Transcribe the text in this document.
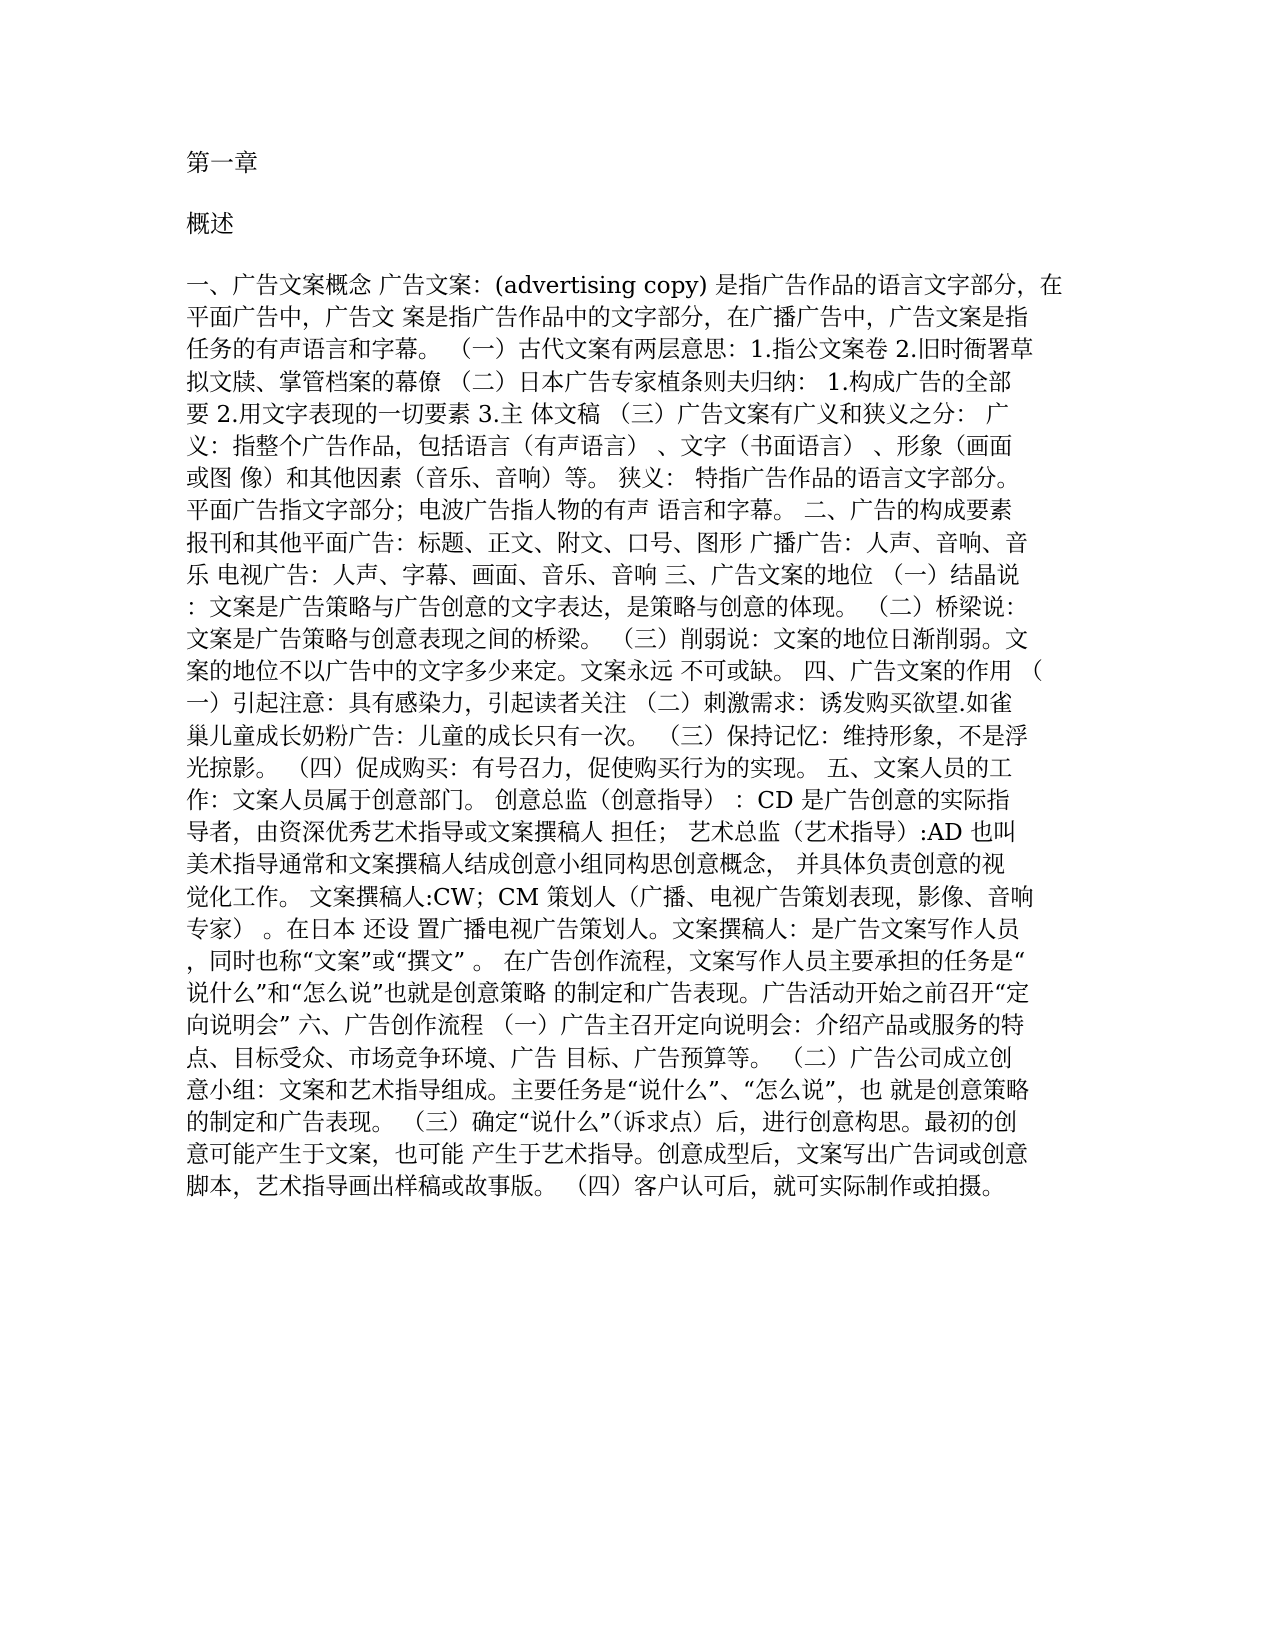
第一章
概述
一、广告文案概念 广告文案：(advertising copy) 是指广告作品的语言文字部分，在
平面广告中，广告文 案是指广告作品中的文字部分，在广播广告中，广告文案是指
任务的有声语言和字幕。 （一）古代文案有两层意思：1.指公文案卷 2.旧时衙署草
拟文牍、掌管档案的幕僚 （二）日本广告专家植条则夫归纳： 1.构成广告的全部
要 2.用文字表现的一切要素 3.主 体文稿 （三）广告文案有广义和狭义之分： 广
义：指整个广告作品，包括语言（有声语言） 、文字（书面语言） 、形象（画面
或图 像）和其他因素（音乐、音响）等。 狭义： 特指广告作品的语言文字部分。
平面广告指文字部分；电波广告指人物的有声 语言和字幕。 二、广告的构成要素
报刊和其他平面广告：标题、正文、附文、口号、图形 广播广告：人声、音响、音
乐 电视广告：人声、字幕、画面、音乐、音响 三、广告文案的地位 （一）结晶说
：文案是广告策略与广告创意的文字表达，是策略与创意的体现。 （二）桥梁说：
文案是广告策略与创意表现之间的桥梁。 （三）削弱说：文案的地位日渐削弱。文
案的地位不以广告中的文字多少来定。文案永远 不可或缺。 四、广告文案的作用 （
一）引起注意：具有感染力，引起读者关注 （二）刺激需求：诱发购买欲望.如雀
巢儿童成长奶粉广告：儿童的成长只有一次。 （三）保持记忆：维持形象，不是浮
光掠影。 （四）促成购买：有号召力，促使购买行为的实现。 五、文案人员的工
作：文案人员属于创意部门。 创意总监（创意指导） ：CD 是广告创意的实际指
导者，由资深优秀艺术指导或文案撰稿人 担任； 艺术总监（艺术指导）:AD 也叫
美术指导通常和文案撰稿人结成创意小组同构思创意概念， 并具体负责创意的视
觉化工作。 文案撰稿人:CW；CM 策划人（广播、电视广告策划表现，影像、音响
专家） 。在日本 还设 置广播电视广告策划人。文案撰稿人：是广告文案写作人员
，同时也称“文案”或“撰文” 。 在广告创作流程，文案写作人员主要承担的任务是“
说什么”和“怎么说”也就是创意策略 的制定和广告表现。广告活动开始之前召开“定
向说明会” 六、广告创作流程 （一）广告主召开定向说明会：介绍产品或服务的特
点、目标受众、市场竞争环境、广告 目标、广告预算等。 （二）广告公司成立创
意小组：文案和艺术指导组成。主要任务是“说什么”、“怎么说”，也 就是创意策略
的制定和广告表现。 （三）确定“说什么”（诉求点）后，进行创意构思。最初的创
意可能产生于文案，也可能 产生于艺术指导。创意成型后，文案写出广告词或创意
脚本，艺术指导画出样稿或故事版。 （四）客户认可后，就可实际制作或拍摄。
